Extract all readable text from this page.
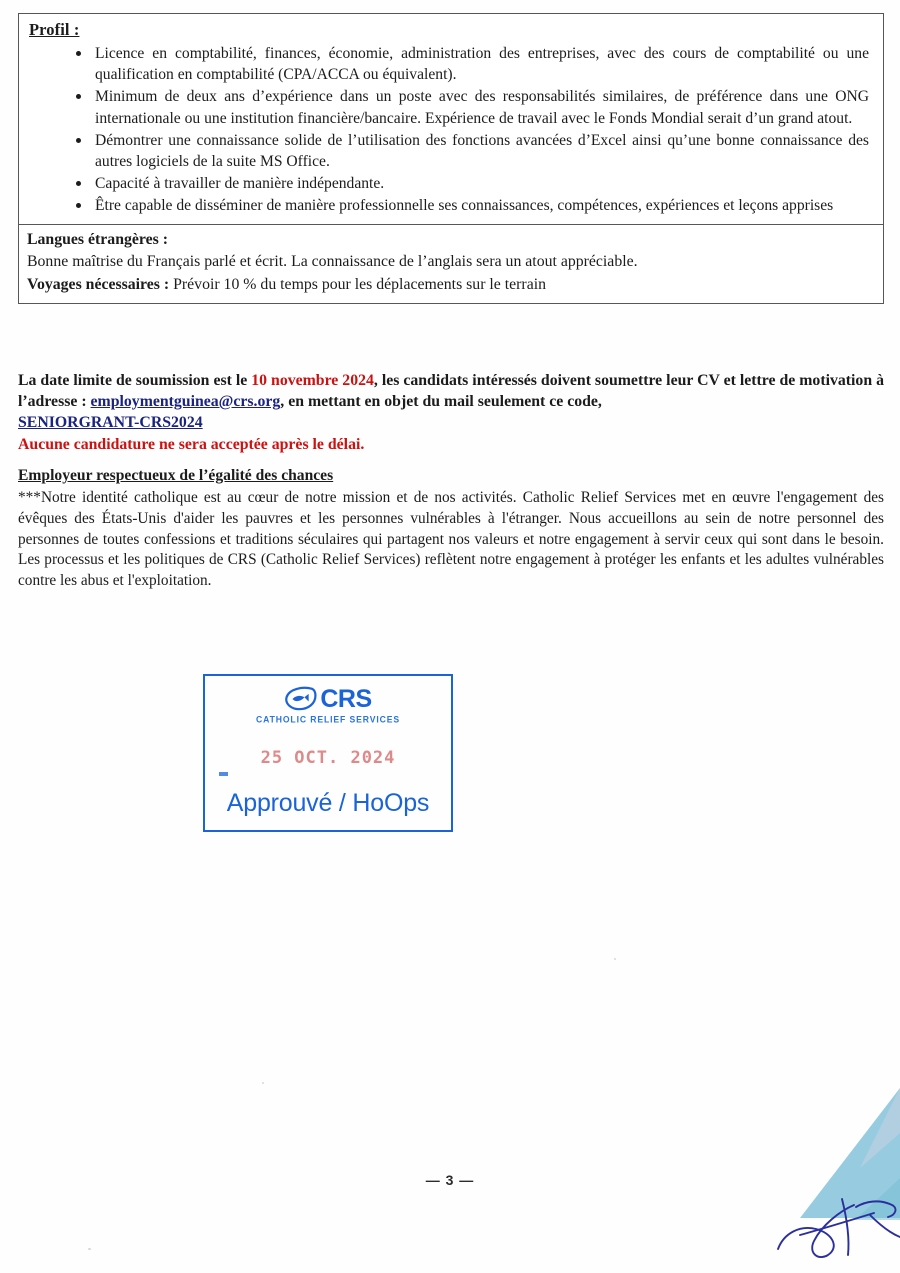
Profil :
Licence en comptabilité, finances, économie, administration des entreprises, avec des cours de comptabilité ou une qualification en comptabilité (CPA/ACCA ou équivalent).
Minimum de deux ans d’expérience dans un poste avec des responsabilités similaires, de préférence dans une ONG internationale ou une institution financière/bancaire. Expérience de travail avec le Fonds Mondial serait d’un grand atout.
Démontrer une connaissance solide de l’utilisation des fonctions avancées d’Excel ainsi qu’une bonne connaissance des autres logiciels de la suite MS Office.
Capacité à travailler de manière indépendante.
Être capable de disséminer de manière professionnelle ses connaissances, compétences, expériences et leçons apprises
Langues étrangères :
Bonne maîtrise du Français parlé et écrit. La connaissance de l’anglais sera un atout appréciable.
Voyages nécessaires : Prévoir 10 % du temps pour les déplacements sur le terrain
La date limite de soumission est le 10 novembre 2024, les candidats intéressés doivent soumettre leur CV et lettre de motivation à l’adresse : employmentguinea@crs.org, en mettant en objet du mail seulement ce code,
SENIORGRANT-CRS2024
Aucune candidature ne sera acceptée après le délai.
Employeur respectueux de l’égalité des chances
***Notre identité catholique est au cœur de notre mission et de nos activités. Catholic Relief Services met en œuvre l'engagement des évêques des États-Unis d'aider les pauvres et les personnes vulnérables à l'étranger. Nous accueillons au sein de notre personnel des personnes de toutes confessions et traditions séculaires qui partagent nos valeurs et notre engagement à servir ceux qui sont dans le besoin. Les processus et les politiques de CRS (Catholic Relief Services) reflètent notre engagement à protéger les enfants et les adultes vulnérables contre les abus et l'exploitation.
CRS
CATHOLIC RELIEF SERVICES
25 OCT. 2024
Approuvé / HoOps
— 3 —
